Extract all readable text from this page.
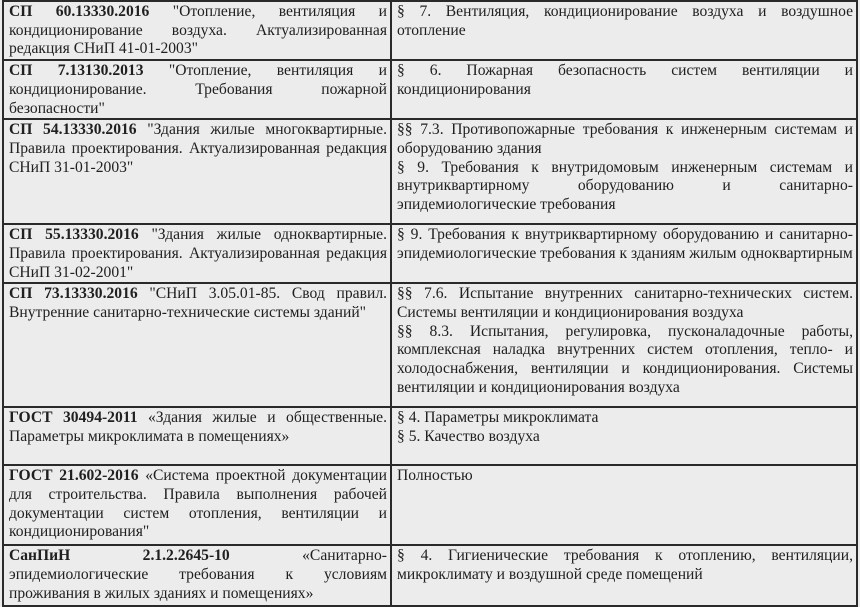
СП 60.13330.2016 "Отопление, вентиляция и кондиционирование воздуха. Актуализированная редакция СНиП 41-01-2003"	§ 7. Вентиляция, кондиционирование воздуха и воздушное отопление

СП 7.13130.2013 "Отопление, вентиляция и кондиционирование. Требования пожарной безопасности"	§ 6. Пожарная безопасность систем вентиляции и кондиционирования

СП 54.13330.2016 "Здания жилые многоквартирные. Правила проектирования. Актуализированная редакция СНиП 31-01-2003"	§§ 7.3. Противопожарные требования к инженерным системам и оборудованию здания
§ 9. Требования к внутридомовым инженерным системам и внутриквартирному оборудованию и санитарно-эпидемиологические требования

СП 55.13330.2016 "Здания жилые одноквартирные. Правила проектирования. Актуализированная редакция СНиП 31-02-2001"	§ 9. Требования к внутриквартирному оборудованию и санитарно-эпидемиологические требования к зданиям жилым одноквартирным

СП 73.13330.2016 "СНиП 3.05.01-85. Свод правил. Внутренние санитарно-технические системы зданий"	§§ 7.6. Испытание внутренних санитарно-технических систем. Системы вентиляции и кондиционирования воздуха
§§ 8.3. Испытания, регулировка, пусконаладочные работы, комплексная наладка внутренних систем отопления, тепло- и холодоснабжения, вентиляции и кондиционирования. Системы вентиляции и кондиционирования воздуха

ГОСТ 30494-2011 «Здания жилые и общественные. Параметры микроклимата в помещениях»	§ 4. Параметры микроклимата
§ 5. Качество воздуха

ГОСТ 21.602-2016 «Система проектной документации для строительства. Правила выполнения рабочей документации систем отопления, вентиляции и кондиционирования"	Полностью

СанПиН 2.1.2.2645-10 «Санитарно-эпидемиологические требования к условиям проживания в жилых зданиях и помещениях»	§ 4. Гигиенические требования к отоплению, вентиляции, микроклимату и воздушной среде помещений
